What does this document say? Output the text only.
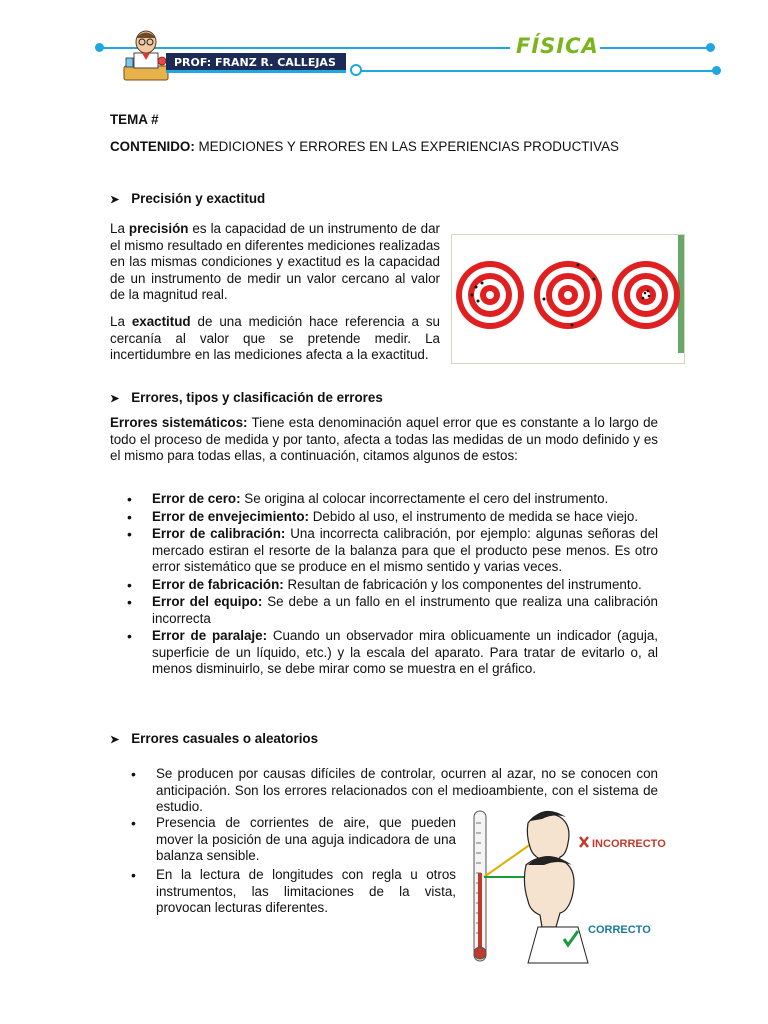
PROF: FRANZ R. CALLEJAS
FÍSICA
TEMA #
CONTENIDO: MEDICIONES Y ERRORES EN LAS EXPERIENCIAS PRODUCTIVAS
➤ Precisión y exactitud
La precisión es la capacidad de un instrumento de dar el mismo resultado en diferentes mediciones realizadas en las mismas condiciones y exactitud es la capacidad de un instrumento de medir un valor cercano al valor de la magnitud real.
La exactitud de una medición hace referencia a su cercanía al valor que se pretende medir. La incertidumbre en las mediciones afecta a la exactitud.
➤ Errores, tipos y clasificación de errores
Errores sistemáticos: Tiene esta denominación aquel error que es constante a lo largo de todo el proceso de medida y por tanto, afecta a todas las medidas de un modo definido y es el mismo para todas ellas, a continuación, citamos algunos de estos:
• Error de cero: Se origina al colocar incorrectamente el cero del instrumento.
• Error de envejecimiento: Debido al uso, el instrumento de medida se hace viejo.
• Error de calibración: Una incorrecta calibración, por ejemplo: algunas señoras del mercado estiran el resorte de la balanza para que el producto pese menos. Es otro error sistemático que se produce en el mismo sentido y varias veces.
• Error de fabricación: Resultan de fabricación y los componentes del instrumento.
• Error del equipo: Se debe a un fallo en el instrumento que realiza una calibración incorrecta
• Error de paralaje: Cuando un observador mira oblicuamente un indicador (aguja, superficie de un líquido, etc.) y la escala del aparato. Para tratar de evitarlo o, al menos disminuirlo, se debe mirar como se muestra en el gráfico.
➤ Errores casuales o aleatorios
• Se producen por causas difíciles de controlar, ocurren al azar, no se conocen con anticipación. Son los errores relacionados con el medioambiente, con el sistema de estudio.
• Presencia de corrientes de aire, que pueden mover la posición de una aguja indicadora de una balanza sensible.
• En la lectura de longitudes con regla u otros instrumentos, las limitaciones de la vista, provocan lecturas diferentes.
INCORRECTO
CORRECTO
